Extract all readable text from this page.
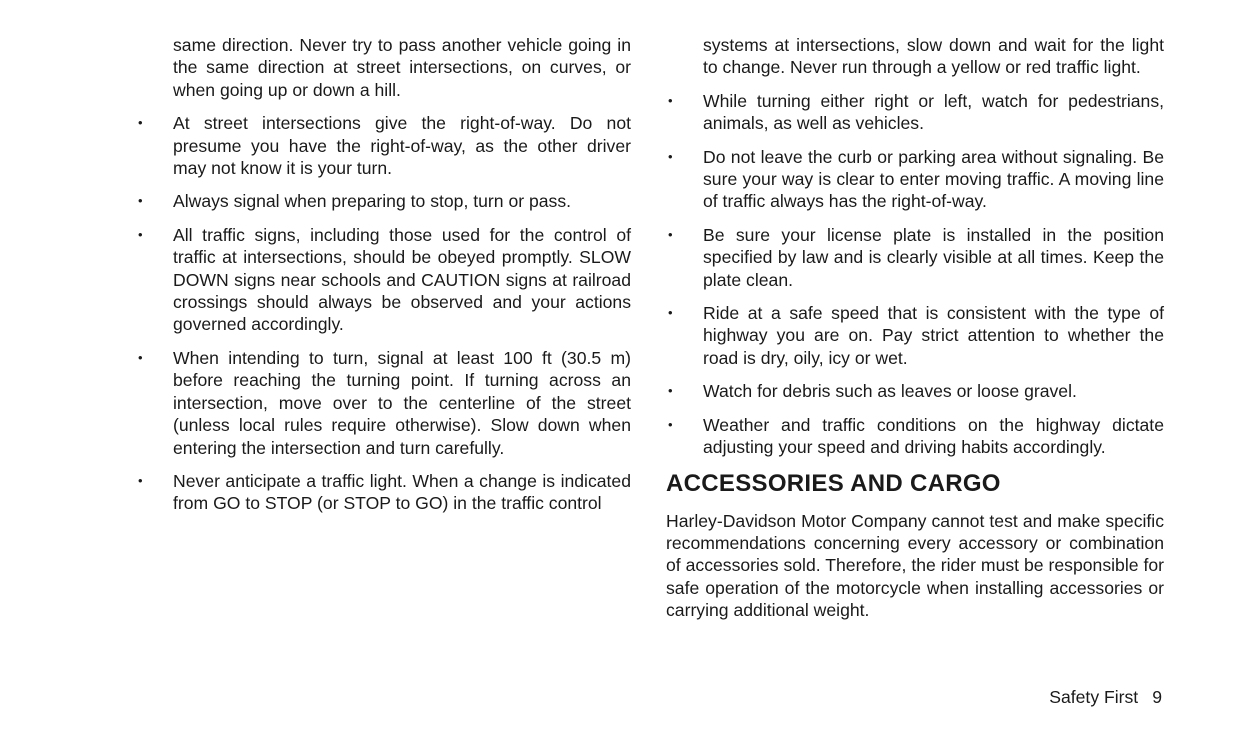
same direction. Never try to pass another vehicle going in the same direction at street intersections, on curves, or when going up or down a hill.

• At street intersections give the right-of-way. Do not presume you have the right-of-way, as the other driver may not know it is your turn.
• Always signal when preparing to stop, turn or pass.
• All traffic signs, including those used for the control of traffic at intersections, should be obeyed promptly. SLOW DOWN signs near schools and CAUTION signs at railroad crossings should always be observed and your actions governed accordingly.
• When intending to turn, signal at least 100 ft (30.5 m) before reaching the turning point. If turning across an intersection, move over to the centerline of the street (unless local rules require otherwise). Slow down when entering the intersection and turn carefully.
• Never anticipate a traffic light. When a change is indicated from GO to STOP (or STOP to GO) in the traffic control

systems at intersections, slow down and wait for the light to change. Never run through a yellow or red traffic light.

• While turning either right or left, watch for pedestrians, animals, as well as vehicles.
• Do not leave the curb or parking area without signaling. Be sure your way is clear to enter moving traffic. A moving line of traffic always has the right-of-way.
• Be sure your license plate is installed in the position specified by law and is clearly visible at all times. Keep the plate clean.
• Ride at a safe speed that is consistent with the type of highway you are on. Pay strict attention to whether the road is dry, oily, icy or wet.
• Watch for debris such as leaves or loose gravel.
• Weather and traffic conditions on the highway dictate adjusting your speed and driving habits accordingly.
ACCESSORIES AND CARGO

Harley-Davidson Motor Company cannot test and make specific recommendations concerning every accessory or combination of accessories sold. Therefore, the rider must be responsible for safe operation of the motorcycle when installing accessories or carrying additional weight.

Safety First 9
